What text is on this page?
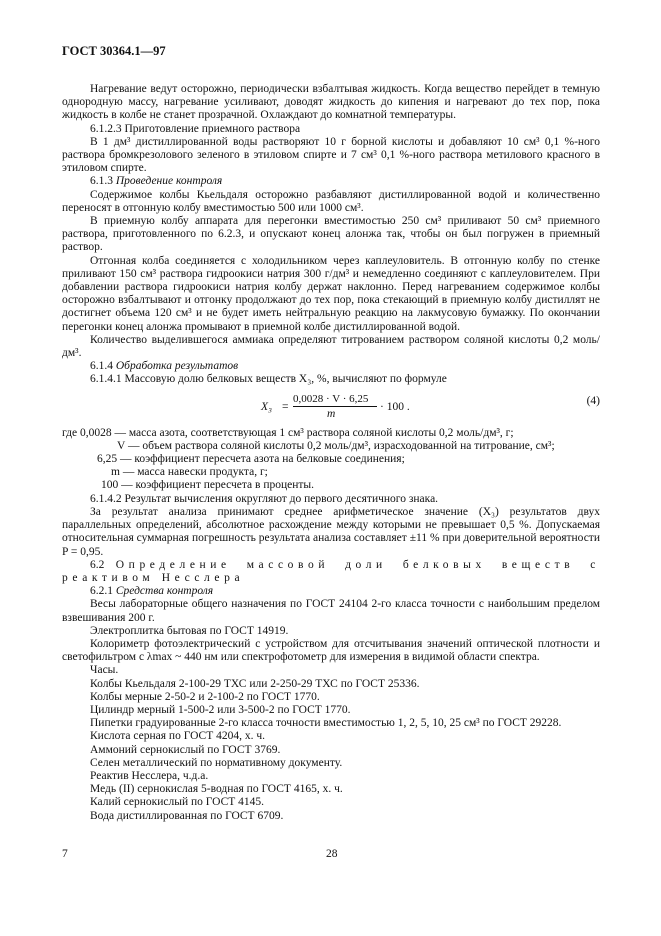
ГОСТ 30364.1—97

Нагревание ведут осторожно, периодически взбалтывая жидкость. Когда вещество перейдет в темную однородную массу, нагревание усиливают, доводят жидкость до кипения и нагревают до тех пор, пока жидкость в колбе не станет прозрачной. Охлаждают до комнатной температуры.

6.1.2.3 Приготовление приемного раствора

В 1 дм³ дистиллированной воды растворяют 10 г борной кислоты и добавляют 10 см³ 0,1 %-ного раствора бромкрезолового зеленого в этиловом спирте и 7 см³ 0,1 %-ного раствора метилового красного в этиловом спирте.

6.1.3 Проведение контроля

Содержимое колбы Кьельдаля осторожно разбавляют дистиллированной водой и количественно переносят в отгонную колбу вместимостью 500 или 1000 см³.

В приемную колбу аппарата для перегонки вместимостью 250 см³ приливают 50 см³ приемного раствора, приготовленного по 6.2.3, и опускают конец алонжа так, чтобы он был погружен в приемный раствор.

Отгонная колба соединяется с холодильником через каплеуловитель. В отгонную колбу по стенке приливают 150 см³ раствора гидроокиси натрия 300 г/дм³ и немедленно соединяют с каплеуловителем. При добавлении раствора гидроокиси натрия колбу держат наклонно. Перед нагреванием содержимое колбы осторожно взбалтывают и отгонку продолжают до тех пор, пока стекающий в приемную колбу дистиллят не достигнет объема 120 см³ и не будет иметь нейтральную реакцию на лакмусовую бумажку. По окончании перегонки конец алонжа промывают в приемной колбе дистиллированной водой.

Количество выделившегося аммиака определяют титрованием раствором соляной кислоты 0,2 моль/дм³.

6.1.4 Обработка результатов

6.1.4.1 Массовую долю белковых веществ X₃, %, вычисляют по формуле

X₃ =
0,0028 · V · 6,25
m
· 100 .	(4)
где 0,0028 — масса азота, соответствующая 1 см³ раствора соляной кислоты 0,2 моль/дм³, г;
V — объем раствора соляной кислоты 0,2 моль/дм³, израсходованной на титрование, см³;
6,25 — коэффициент пересчета азота на белковые соединения;
m — масса навески продукта, г;
100 — коэффициент пересчета в проценты.

6.1.4.2 Результат вычисления округляют до первого десятичного знака.

За результат анализа принимают среднее арифметическое значение (X₃) результатов двух параллельных определений, абсолютное расхождение между которыми не превышает 0,5 %. Допускаемая относительная суммарная погрешность результата анализа составляет ±11 % при доверительной вероятности P = 0,95.

6.2 Определение массовой доли белковых веществ с реактивом Несслера

6.2.1 Средства контроля

Весы лабораторные общего назначения по ГОСТ 24104 2-го класса точности с наибольшим пределом взвешивания 200 г.

Электроплитка бытовая по ГОСТ 14919.

Колориметр фотоэлектрический с устройством для отсчитывания значений оптической плотности и светофильтром с λmax ~ 440 нм или спектрофотометр для измерения в видимой области спектра.

Часы.

Колбы Кьельдаля 2-100-29 ТХС или 2-250-29 ТХС по ГОСТ 25336.

Колбы мерные 2-50-2 и 2-100-2 по ГОСТ 1770.

Цилиндр мерный 1-500-2 или 3-500-2 по ГОСТ 1770.

Пипетки градуированные 2-го класса точности вместимостью 1, 2, 5, 10, 25 см³ по ГОСТ 29228.

Кислота серная по ГОСТ 4204, х. ч.

Аммоний сернокислый по ГОСТ 3769.

Селен металлический по нормативному документу.

Реактив Несслера, ч.д.а.

Медь (II) сернокислая 5-водная по ГОСТ 4165, х. ч.

Калий сернокислый по ГОСТ 4145.

Вода дистиллированная по ГОСТ 6709.

7	28
